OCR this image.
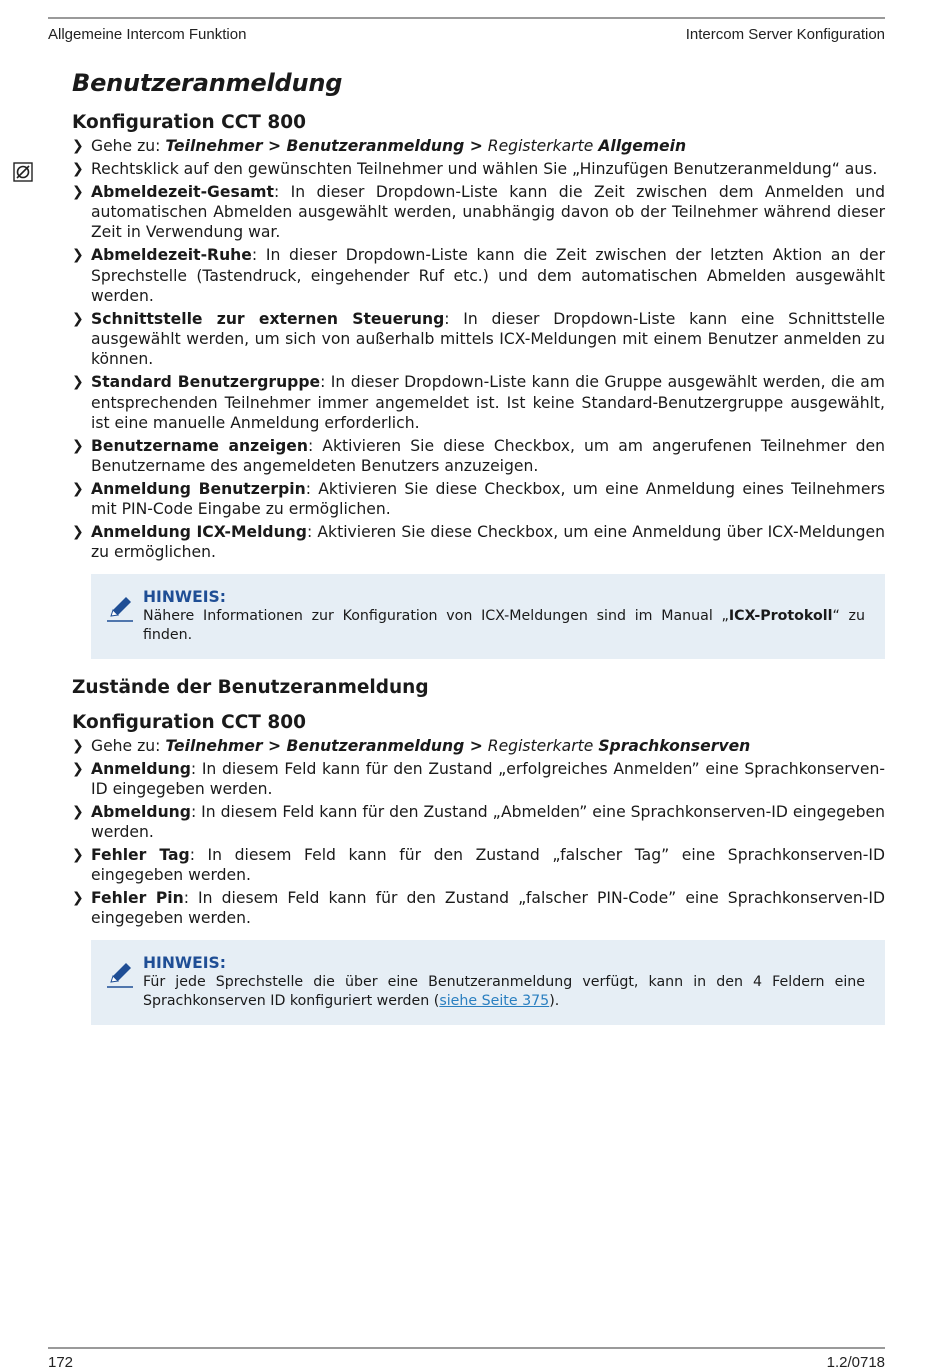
Allgemeine Intercom Funktion	Intercom Server Konfiguration
Benutzeranmeldung
Konfiguration CCT 800
❯ Gehe zu: Teilnehmer > Benutzeranmeldung > Registerkarte Allgemein
❯ Rechtsklick auf den gewünschten Teilnehmer und wählen Sie „Hinzufügen Benutzeranmeldung“ aus.
❯ Abmeldezeit-Gesamt: In dieser Dropdown-Liste kann die Zeit zwischen dem Anmelden und automatischen Abmelden ausgewählt werden, unabhängig davon ob der Teilnehmer während dieser Zeit in Verwendung war.
❯ Abmeldezeit-Ruhe: In dieser Dropdown-Liste kann die Zeit zwischen der letzten Aktion an der Sprechstelle (Tastendruck, eingehender Ruf etc.) und dem automatischen Abmelden ausgewählt werden.
❯ Schnittstelle zur externen Steuerung: In dieser Dropdown-Liste kann eine Schnittstelle ausgewählt werden, um sich von außerhalb mittels ICX-Meldungen mit einem Benutzer anmelden zu können.
❯ Standard Benutzergruppe: In dieser Dropdown-Liste kann die Gruppe ausgewählt werden, die am entsprechenden Teilnehmer immer angemeldet ist. Ist keine Standard-Benutzergruppe ausgewählt, ist eine manuelle Anmeldung erforderlich.
❯ Benutzername anzeigen: Aktivieren Sie diese Checkbox, um am angerufenen Teilnehmer den Benutzername des angemeldeten Benutzers anzuzeigen.
❯ Anmeldung Benutzerpin: Aktivieren Sie diese Checkbox, um eine Anmeldung eines Teilnehmers mit PIN-Code Eingabe zu ermöglichen.
❯ Anmeldung ICX-Meldung: Aktivieren Sie diese Checkbox, um eine Anmeldung über ICX-Meldungen zu ermöglichen.
HINWEIS:
Nähere Informationen zur Konfiguration von ICX-Meldungen sind im Manual „ICX-Protokoll“ zu finden.
Zustände der Benutzeranmeldung
Konfiguration CCT 800
❯ Gehe zu: Teilnehmer > Benutzeranmeldung > Registerkarte Sprachkonserven
❯ Anmeldung: In diesem Feld kann für den Zustand „erfolgreiches Anmelden” eine Sprachkonserven-ID eingegeben werden.
❯ Abmeldung: In diesem Feld kann für den Zustand „Abmelden” eine Sprachkonserven-ID eingegeben werden.
❯ Fehler Tag: In diesem Feld kann für den Zustand „falscher Tag” eine Sprachkonserven-ID eingegeben werden.
❯ Fehler Pin: In diesem Feld kann für den Zustand „falscher PIN-Code” eine Sprachkonserven-ID eingegeben werden.
HINWEIS:
Für jede Sprechstelle die über eine Benutzeranmeldung verfügt, kann in den 4 Feldern eine Sprachkonserven ID konfiguriert werden (siehe Seite 375).
172	1.2/0718
